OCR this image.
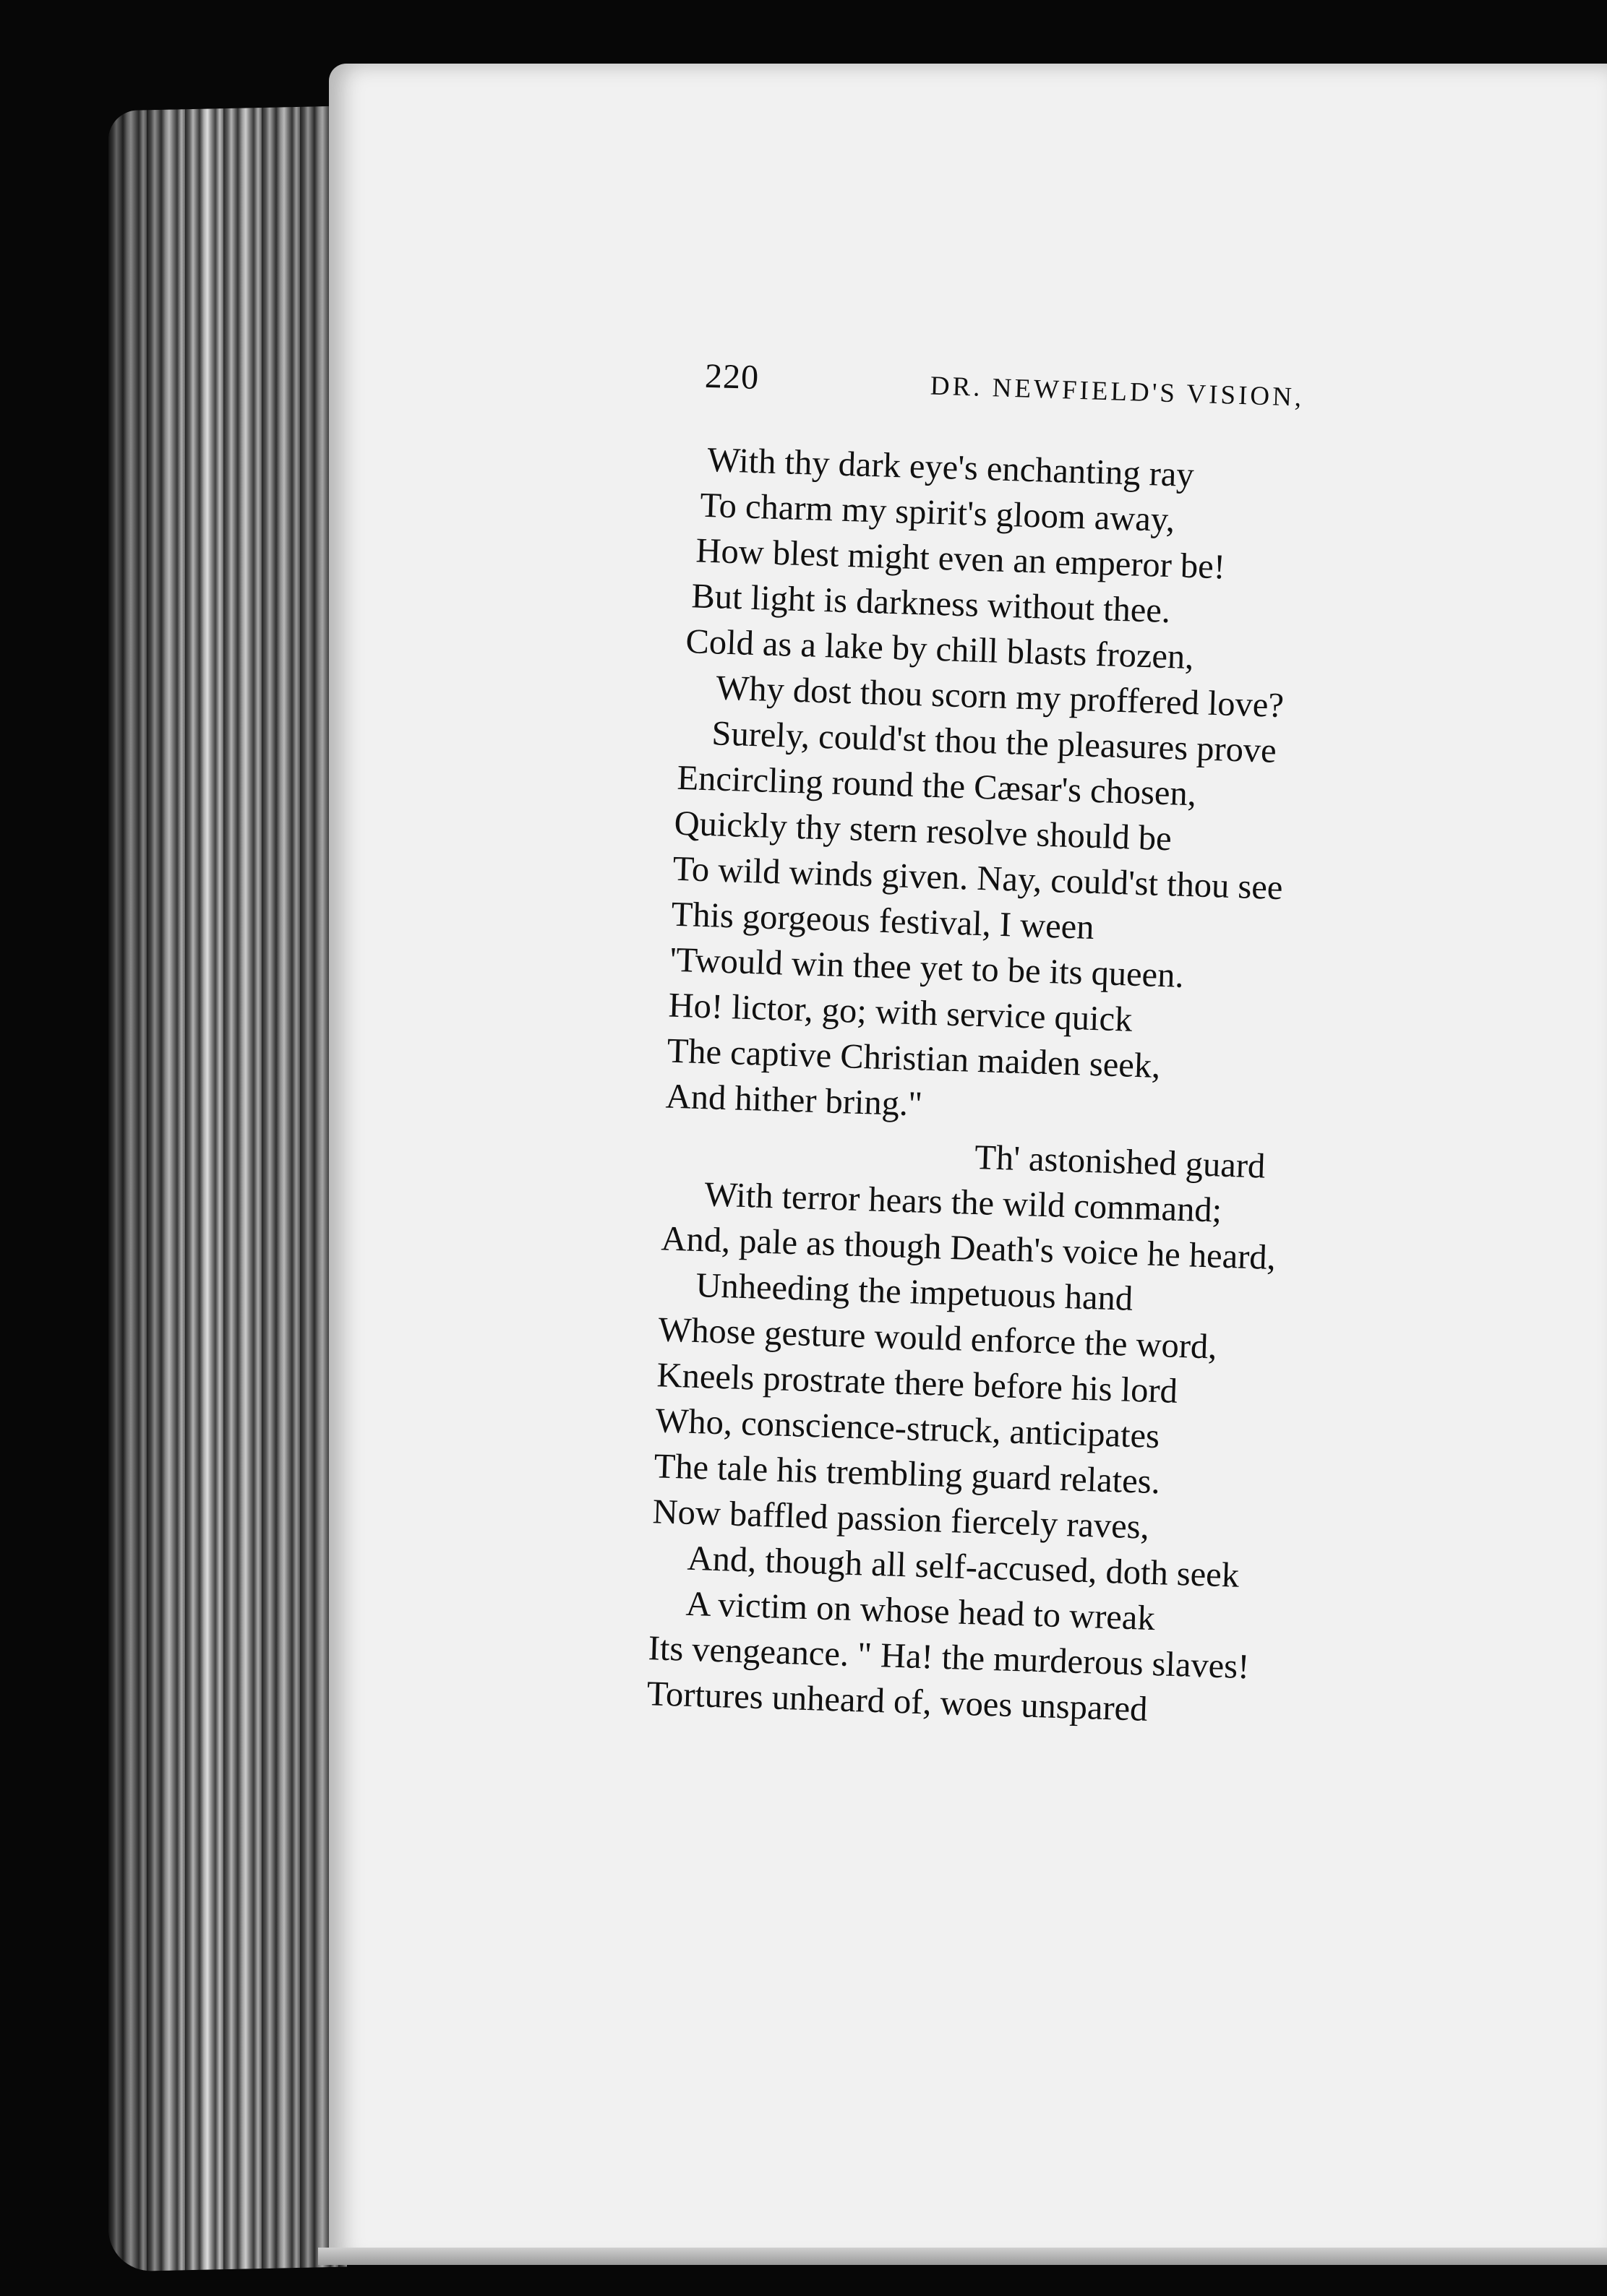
220	DR. NEWFIELD'S VISION,
With thy dark eye's enchanting ray
To charm my spirit's gloom away,
How blest might even an emperor be!
But light is darkness without thee.
Cold as a lake by chill blasts frozen,
Why dost thou scorn my proffered love?
Surely, could'st thou the pleasures prove
Encircling round the Cæsar's chosen,
Quickly thy stern resolve should be
To wild winds given. Nay, could'st thou see
This gorgeous festival, I ween
'Twould win thee yet to be its queen.
Ho! lictor, go; with service quick
The captive Christian maiden seek,
And hither bring."
Th' astonished guard
With terror hears the wild command;
And, pale as though Death's voice he heard,
Unheeding the impetuous hand
Whose gesture would enforce the word,
Kneels prostrate there before his lord
Who, conscience-struck, anticipates
The tale his trembling guard relates.
Now baffled passion fiercely raves,
And, though all self-accused, doth seek
A victim on whose head to wreak
Its vengeance. " Ha! the murderous slaves!
Tortures unheard of, woes unspared
